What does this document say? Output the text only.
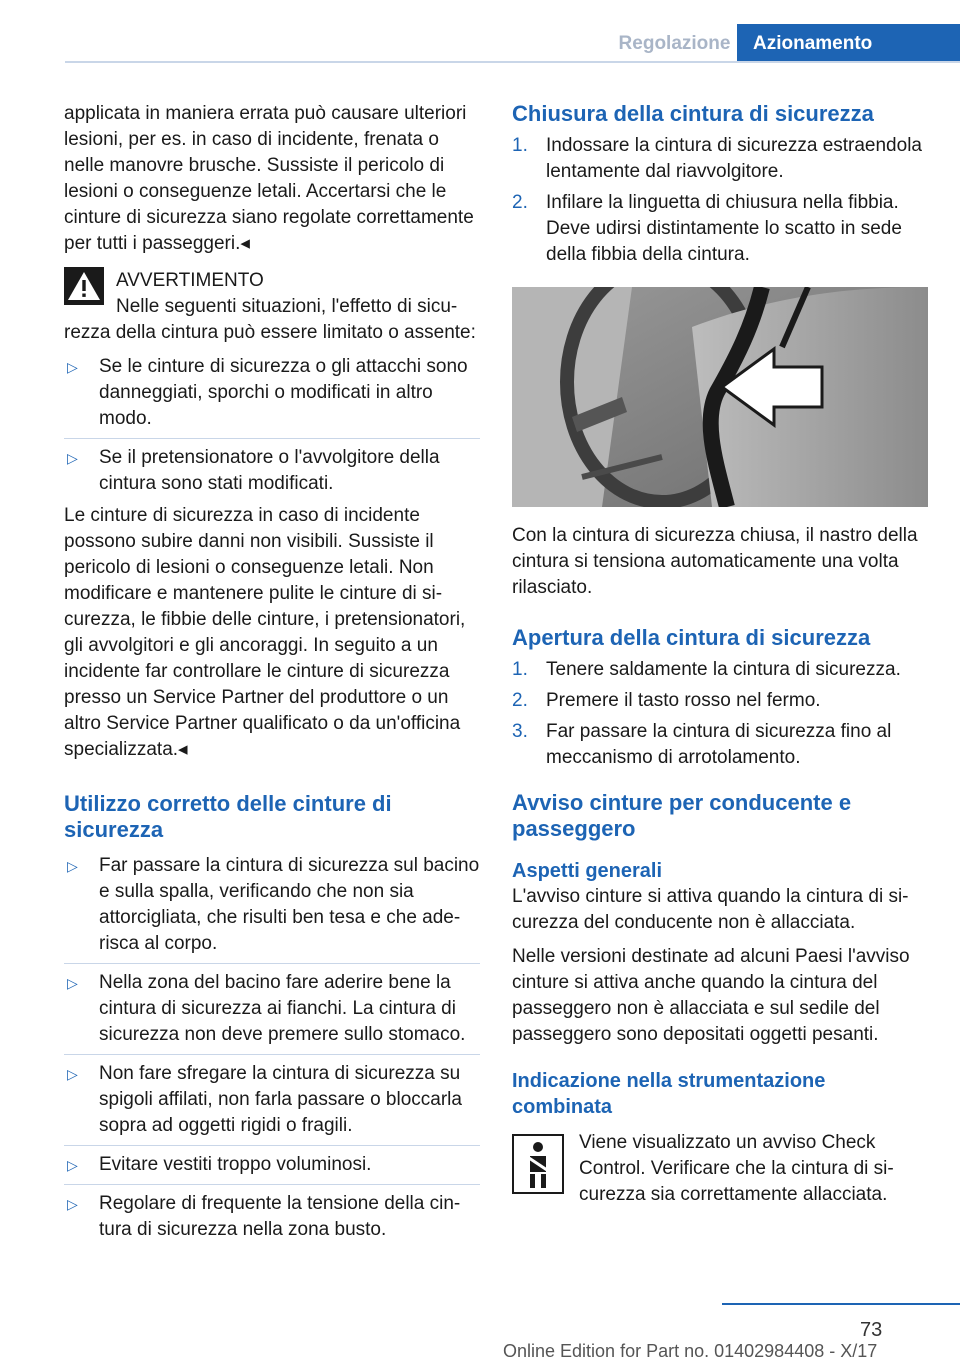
Regolazione	Azionamento

applicata in maniera errata può causare ulteriori lesioni, per es. in caso di incidente, frenata o nelle manovre brusche. Sussiste il pericolo di lesioni o conseguenze letali. Accertarsi che le cinture di sicurezza siano regolate correttamente per tutti i passeggeri.◂

AVVERTIMENTO

Nelle seguenti situazioni, l'effetto di sicurezza della cintura può essere limitato o assente:

▷ Se le cinture di sicurezza o gli attacchi sono danneggiati, sporchi o modificati in altro modo.
▷ Se il pretensionatore o l'avvolgitore della cintura sono stati modificati.

Le cinture di sicurezza in caso di incidente possono subire danni non visibili. Sussiste il pericolo di lesioni o conseguenze letali. Non modificare e mantenere pulite le cinture di sicurezza, le fibbie delle cinture, i pretensionatori, gli avvolgitori e gli ancoraggi. In seguito a un incidente far controllare le cinture di sicurezza presso un Service Partner del produttore o un altro Service Partner qualificato o da un'officina specializzata.◂

Utilizzo corretto delle cinture di sicurezza

▷ Far passare la cintura di sicurezza sul bacino e sulla spalla, verificando che non sia attorcigliata, che risulti ben tesa e che aderisca al corpo.
▷ Nella zona del bacino fare aderire bene la cintura di sicurezza ai fianchi. La cintura di sicurezza non deve premere sullo stomaco.
▷ Non fare sfregare la cintura di sicurezza su spigoli affilati, non farla passare o bloccarla sopra ad oggetti rigidi o fragili.
▷ Evitare vestiti troppo voluminosi.
▷ Regolare di frequente la tensione della cintura di sicurezza nella zona busto.

Chiusura della cintura di sicurezza

1. Indossare la cintura di sicurezza estraendola lentamente dal riavvolgitore.
2. Infilare la linguetta di chiusura nella fibbia. Deve udirsi distintamente lo scatto in sede della fibbia della cintura.

Con la cintura di sicurezza chiusa, il nastro della cintura si tensiona automaticamente una volta rilasciato.

Apertura della cintura di sicurezza

1. Tenere saldamente la cintura di sicurezza.
2. Premere il tasto rosso nel fermo.
3. Far passare la cintura di sicurezza fino al meccanismo di arrotolamento.

Avviso cinture per conducente e passeggero

Aspetti generali

L'avviso cinture si attiva quando la cintura di sicurezza del conducente non è allacciata.

Nelle versioni destinate ad alcuni Paesi l'avviso cinture si attiva anche quando la cintura del passeggero non è allacciata e sul sedile del passeggero sono depositati oggetti pesanti.

Indicazione nella strumentazione combinata

Viene visualizzato un avviso Check Control. Verificare che la cintura di sicurezza sia correttamente allacciata.

73
Online Edition for Part no. 01402984408 - X/17
